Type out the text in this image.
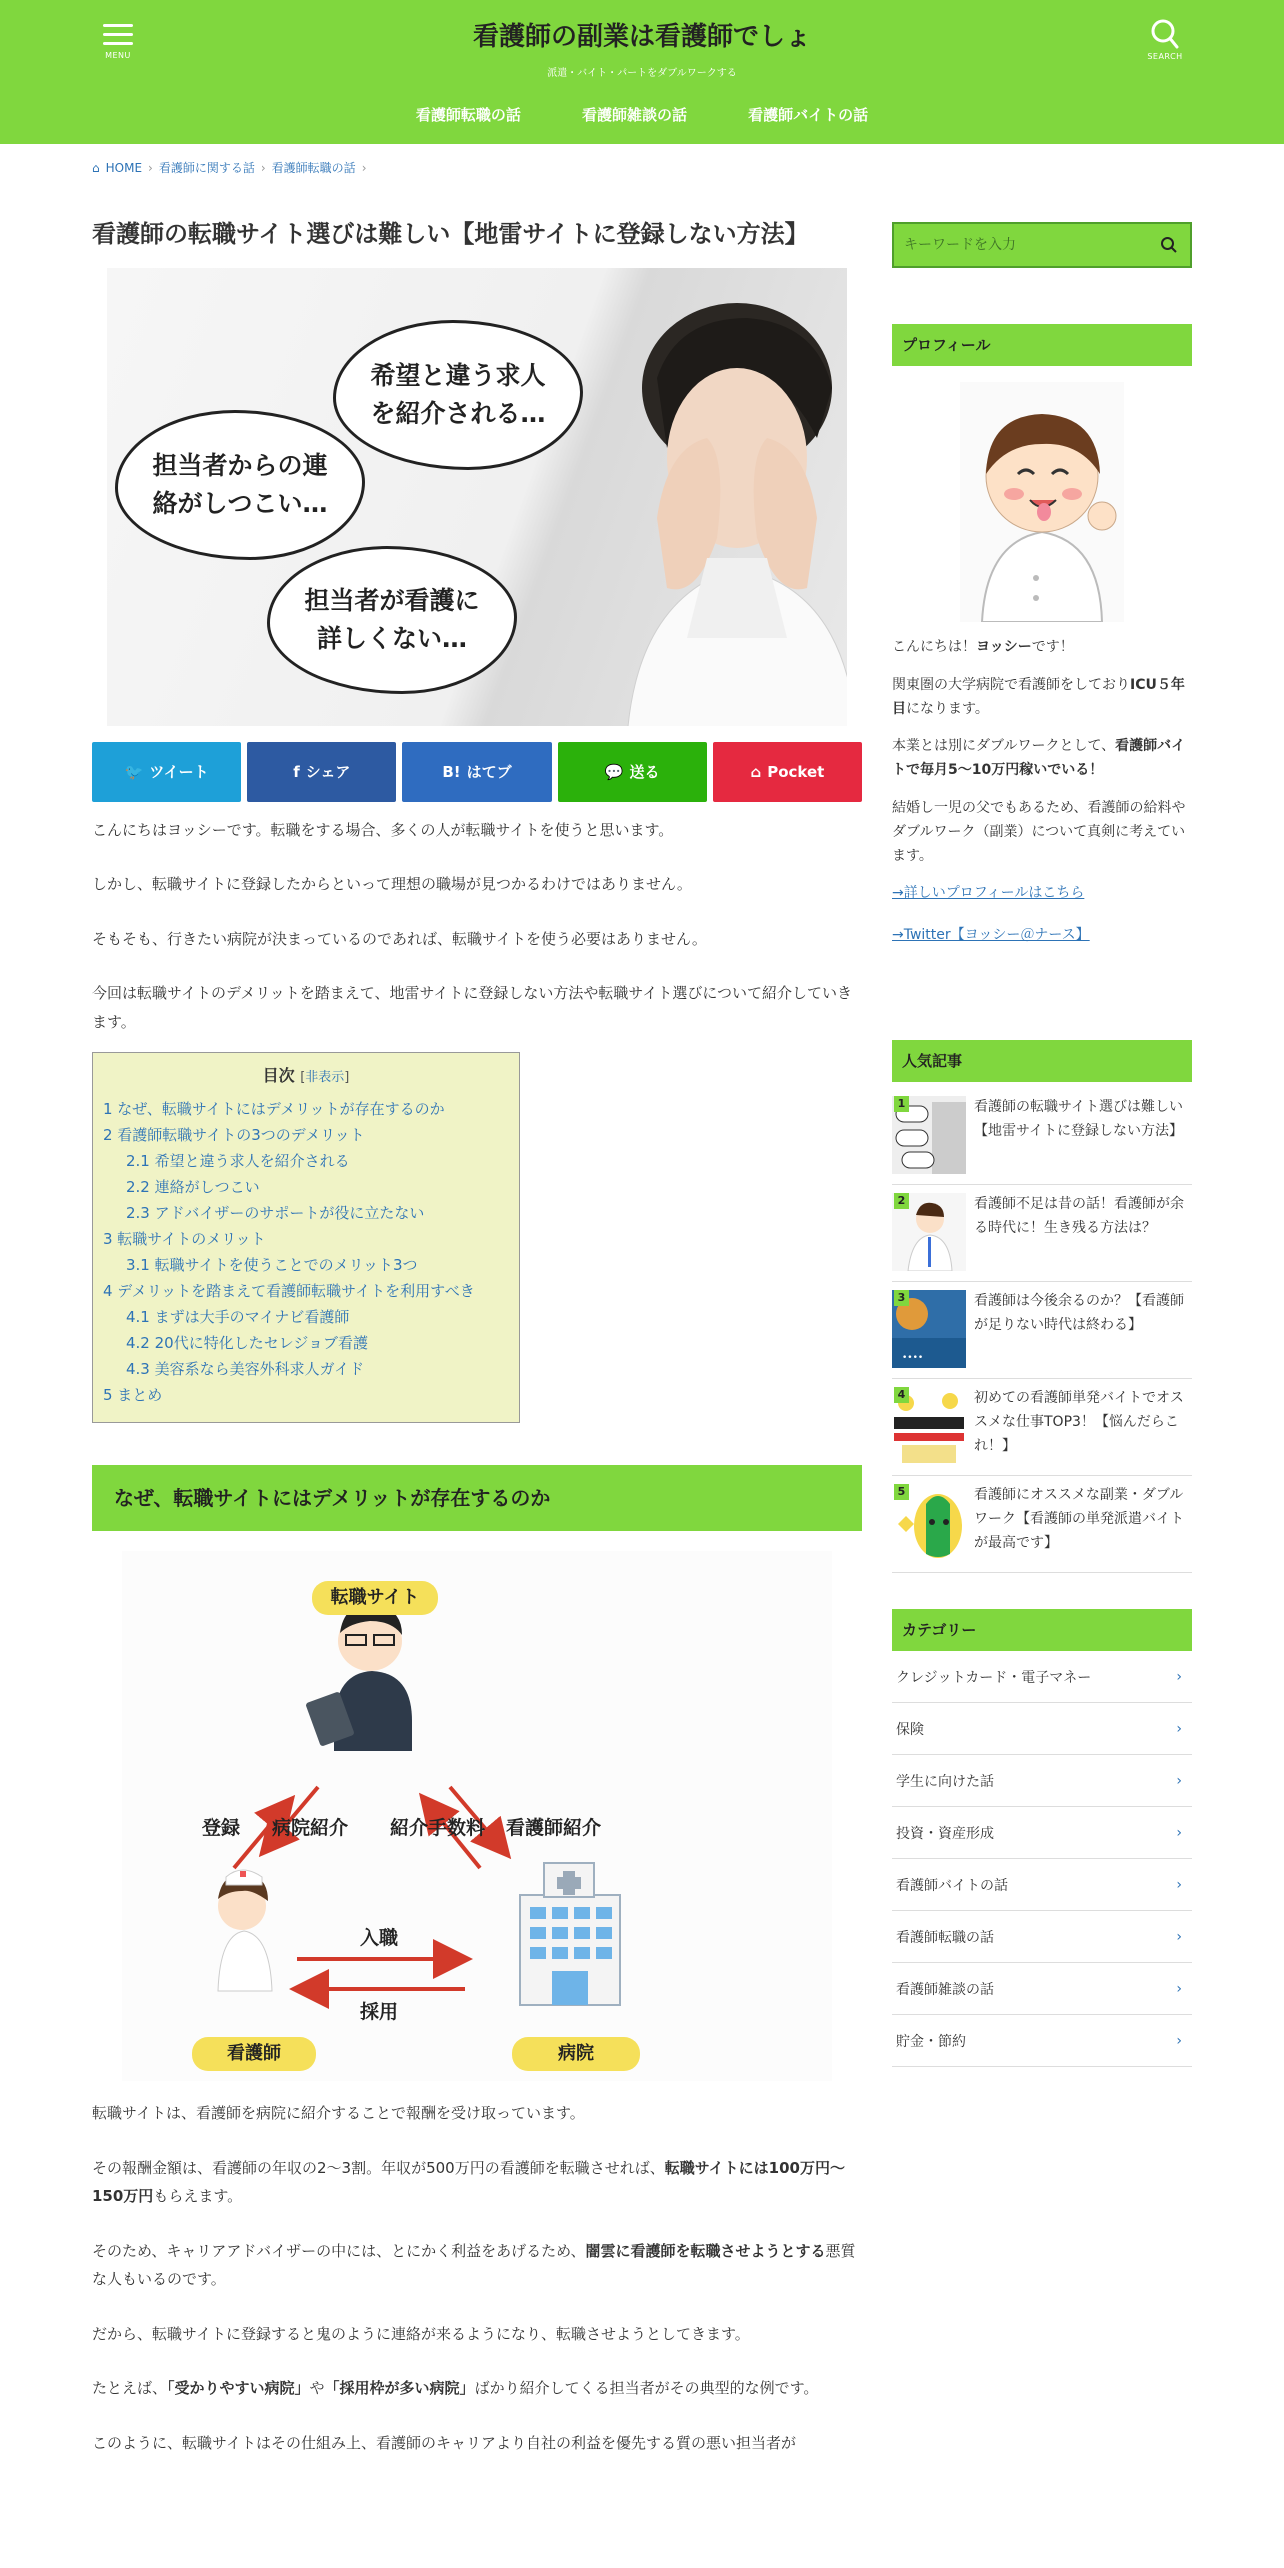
MENU
看護師の副業は看護師でしょ
派遣・バイト・パートをダブルワークする
SEARCH
看護師転職の話	看護師雑談の話	看護師バイトの話
⌂ HOME › 看護師に関する話 › 看護師転職の話 ›
看護師の転職サイト選びは難しい【地雷サイトに登録しない方法】
希望と違う求人を紹介される…
担当者からの連絡がしつこい…
担当者が看護に詳しくない…
🐦 ツイート	f シェア	B! はてブ	💬 送る	⌂ Pocket

こんにちはヨッシーです。転職をする場合、多くの人が転職サイトを使うと思います。

しかし、転職サイトに登録したからといって理想の職場が見つかるわけではありません。

そもそも、行きたい病院が決まっているのであれば、転職サイトを使う必要はありません。

今回は転職サイトのデメリットを踏まえて、地雷サイトに登録しない方法や転職サイト選びについて紹介していきます。

目次 [非表示]
1 なぜ、転職サイトにはデメリットが存在するのか
2 看護師転職サイトの3つのデメリット
2.1 希望と違う求人を紹介される
2.2 連絡がしつこい
2.3 アドバイザーのサポートが役に立たない
3 転職サイトのメリット
3.1 転職サイトを使うことでのメリット3つ
4 デメリットを踏まえて看護師転職サイトを利用すべき
4.1 まずは大手のマイナビ看護師
4.2 20代に特化したセレジョブ看護
4.3 美容系なら美容外科求人ガイド
5 まとめ
なぜ、転職サイトにはデメリットが存在するのか
転職サイト
登録 病院紹介 紹介手数料 看護師紹介
入職
採用
看護師	病院

転職サイトは、看護師を病院に紹介することで報酬を受け取っています。

その報酬金額は、看護師の年収の2〜3割。年収が500万円の看護師を転職させれば、転職サイトには100万円〜150万円もらえます。

そのため、キャリアアドバイザーの中には、とにかく利益をあげるため、闇雲に看護師を転職させようとする悪質な人もいるのです。

だから、転職サイトに登録すると鬼のように連絡が来るようになり、転職させようとしてきます。

たとえば、「受かりやすい病院」や「採用枠が多い病院」ばかり紹介してくる担当者がその典型的な例です。

このように、転職サイトはその仕組み上、看護師のキャリアより自社の利益を優先する質の悪い担当者が

キーワードを入力
プロフィール

こんにちは！ヨッシーです！

関東圏の大学病院で看護師をしておりICU５年目になります。

本業とは別にダブルワークとして、看護師バイトで毎月5〜10万円稼いでいる！

結婚し一児の父でもあるため、看護師の給料やダブルワーク（副業）について真剣に考えています。

→詳しいプロフィールはこちら
→Twitter【ヨッシー＠ナース】
人気記事
1	看護師の転職サイト選びは難しい【地雷サイトに登録しない方法】
2	看護師不足は昔の話！看護師が余る時代に！生き残る方法は？
••••
3	看護師は今後余るのか？【看護師が足りない時代は終わる】
4	初めての看護師単発バイトでオススメな仕事TOP3！【悩んだらこれ！】
5	看護師にオススメな副業・ダブルワーク【看護師の単発派遣バイトが最高です】
カテゴリー
クレジットカード・電子マネー	›
保険	›
学生に向けた話	›
投資・資産形成	›
看護師バイトの話	›
看護師転職の話	›
看護師雑談の話	›
貯金・節約	›
